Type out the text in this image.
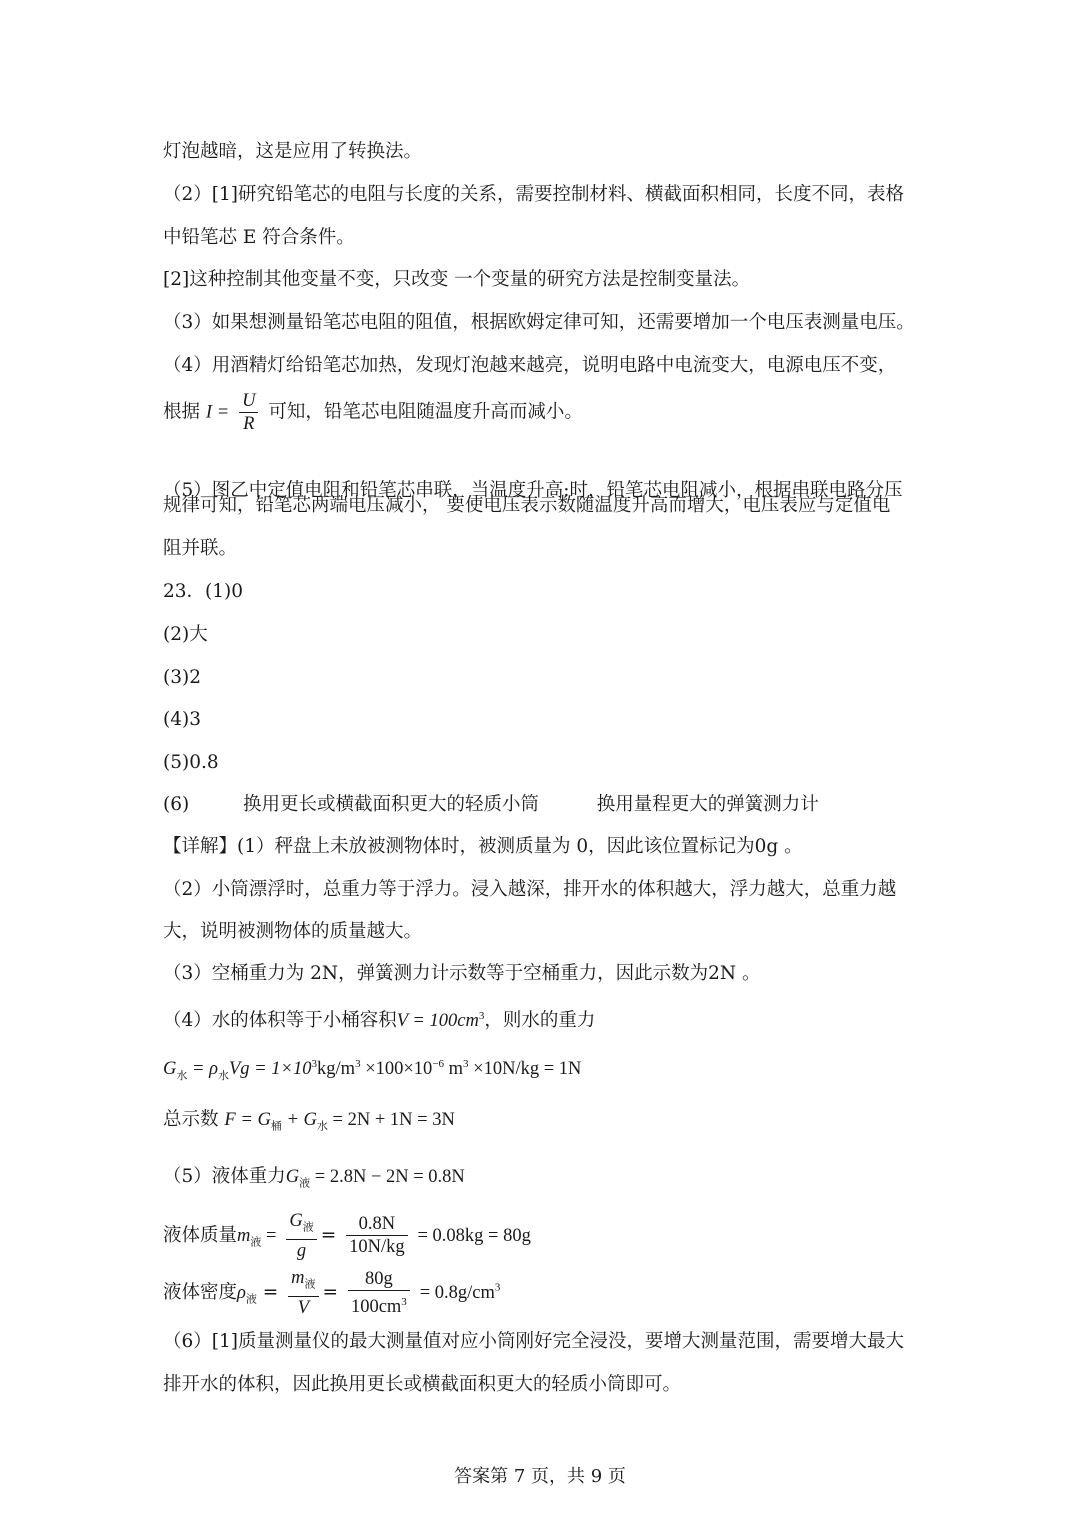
灯泡越暗，这是应用了转换法。
（2）[1]研究铅笔芯的电阻与长度的关系，需要控制材料、横截面积相同，长度不同，表格
中铅笔芯 E 符合条件。
[2]这种控制其他变量不变，只改变 一个变量的研究方法是控制变量法。
（3）如果想测量铅笔芯电阻的阻值，根据欧姆定律可知，还需要增加一个电压表测量电压。
（4）用酒精灯给铅笔芯加热，发现灯泡越来越亮，说明电路中电流变大，电源电压不变，
根据 $I = \frac{U}{R}$ 可知，铅笔芯电阻随温度升高而减小。
（5）图乙中定值电阻和铅笔芯串联，当温度升高:时，铅笔芯电阻减小，根据串联电路分压
规律可知，铅笔芯两端电压减小， 要使电压表示数随温度升高而增大，电压表应与定值电
阻并联。
23．(1)0
(2)大
(3)2
(4)3
(5)0.8
(6)	换用更长或横截面积更大的轻质小筒	换用量程更大的弹簧测力计
【详解】(1）秤盘上未放被测物体时，被测质量为 0，因此该位置标记为0g 。
（2）小筒漂浮时，总重力等于浮力。浸入越深，排开水的体积越大，浮力越大，总重力越
大，说明被测物体的质量越大。
（3）空桶重力为 2N，弹簧测力计示数等于空桶重力，因此示数为2N 。
（4）水的体积等于小桶容积$V = 100cm^3$，则水的重力
$G_水 = \rho_水Vg = 1\times 10^3kg/m^3 \times 100\times 10^{-6}$ $m^3 \times 10N/kg = 1N$
总示数 $F = G_桶 + G_水 = 2N + 1N = 3N$
（5）液体重力$G_液 = 2.8N - 2N = 0.8N$
液体质量$m_液 = \frac{G_液}{g} = \frac{0.8N}{10N/kg} = 0.08kg = 80g$
液体密度$\rho_液 = \frac{m_液}{V} = \frac{80g}{100cm^3} = 0.8g/cm^3$
（6）[1]质量测量仪的最大测量值对应小筒刚好完全浸没，要增大测量范围，需要增大最大
排开水的体积，因此换用更长或横截面积更大的轻质小筒即可。
答案第 7 页，共 9 页
